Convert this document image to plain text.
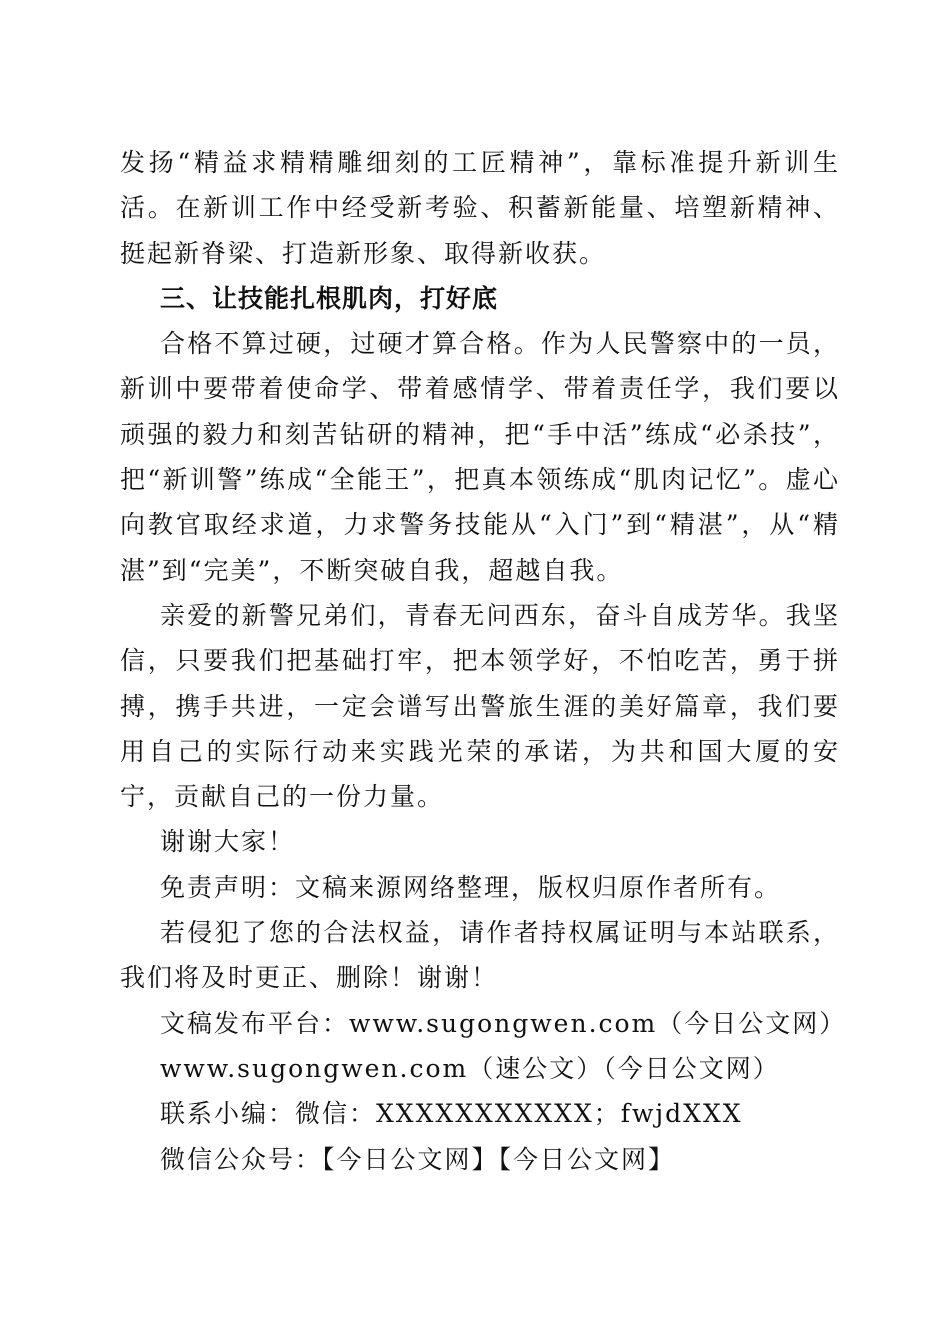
发扬“精益求精精雕细刻的工匠精神”，靠标准提升新训生活。在新训工作中经受新考验、积蓄新能量、培塑新精神、挺起新脊梁、打造新形象、取得新收获。

三、让技能扎根肌肉，打好底

合格不算过硬，过硬才算合格。作为人民警察中的一员，新训中要带着使命学、带着感情学、带着责任学，我们要以顽强的毅力和刻苦钻研的精神，把“手中活”练成“必杀技”，把“新训警”练成“全能王”，把真本领练成“肌肉记忆”。虚心向教官取经求道，力求警务技能从“入门”到“精湛”，从“精湛”到“完美”，不断突破自我，超越自我。

亲爱的新警兄弟们，青春无问西东，奋斗自成芳华。我坚信，只要我们把基础打牢，把本领学好，不怕吃苦，勇于拼搏，携手共进，一定会谱写出警旅生涯的美好篇章，我们要用自己的实际行动来实践光荣的承诺，为共和国大厦的安宁，贡献自己的一份力量。

谢谢大家！

免责声明：文稿来源网络整理，版权归原作者所有。

若侵犯了您的合法权益，请作者持权属证明与本站联系，我们将及时更正、删除！谢谢！

文稿发布平台：www.sugongwen.com（今日公文网）

www.sugongwen.com（速公文）（今日公文网）

联系小编：微信：XXXXXXXXXXX；fwjdXXX

微信公众号：【今日公文网】【今日公文网】
